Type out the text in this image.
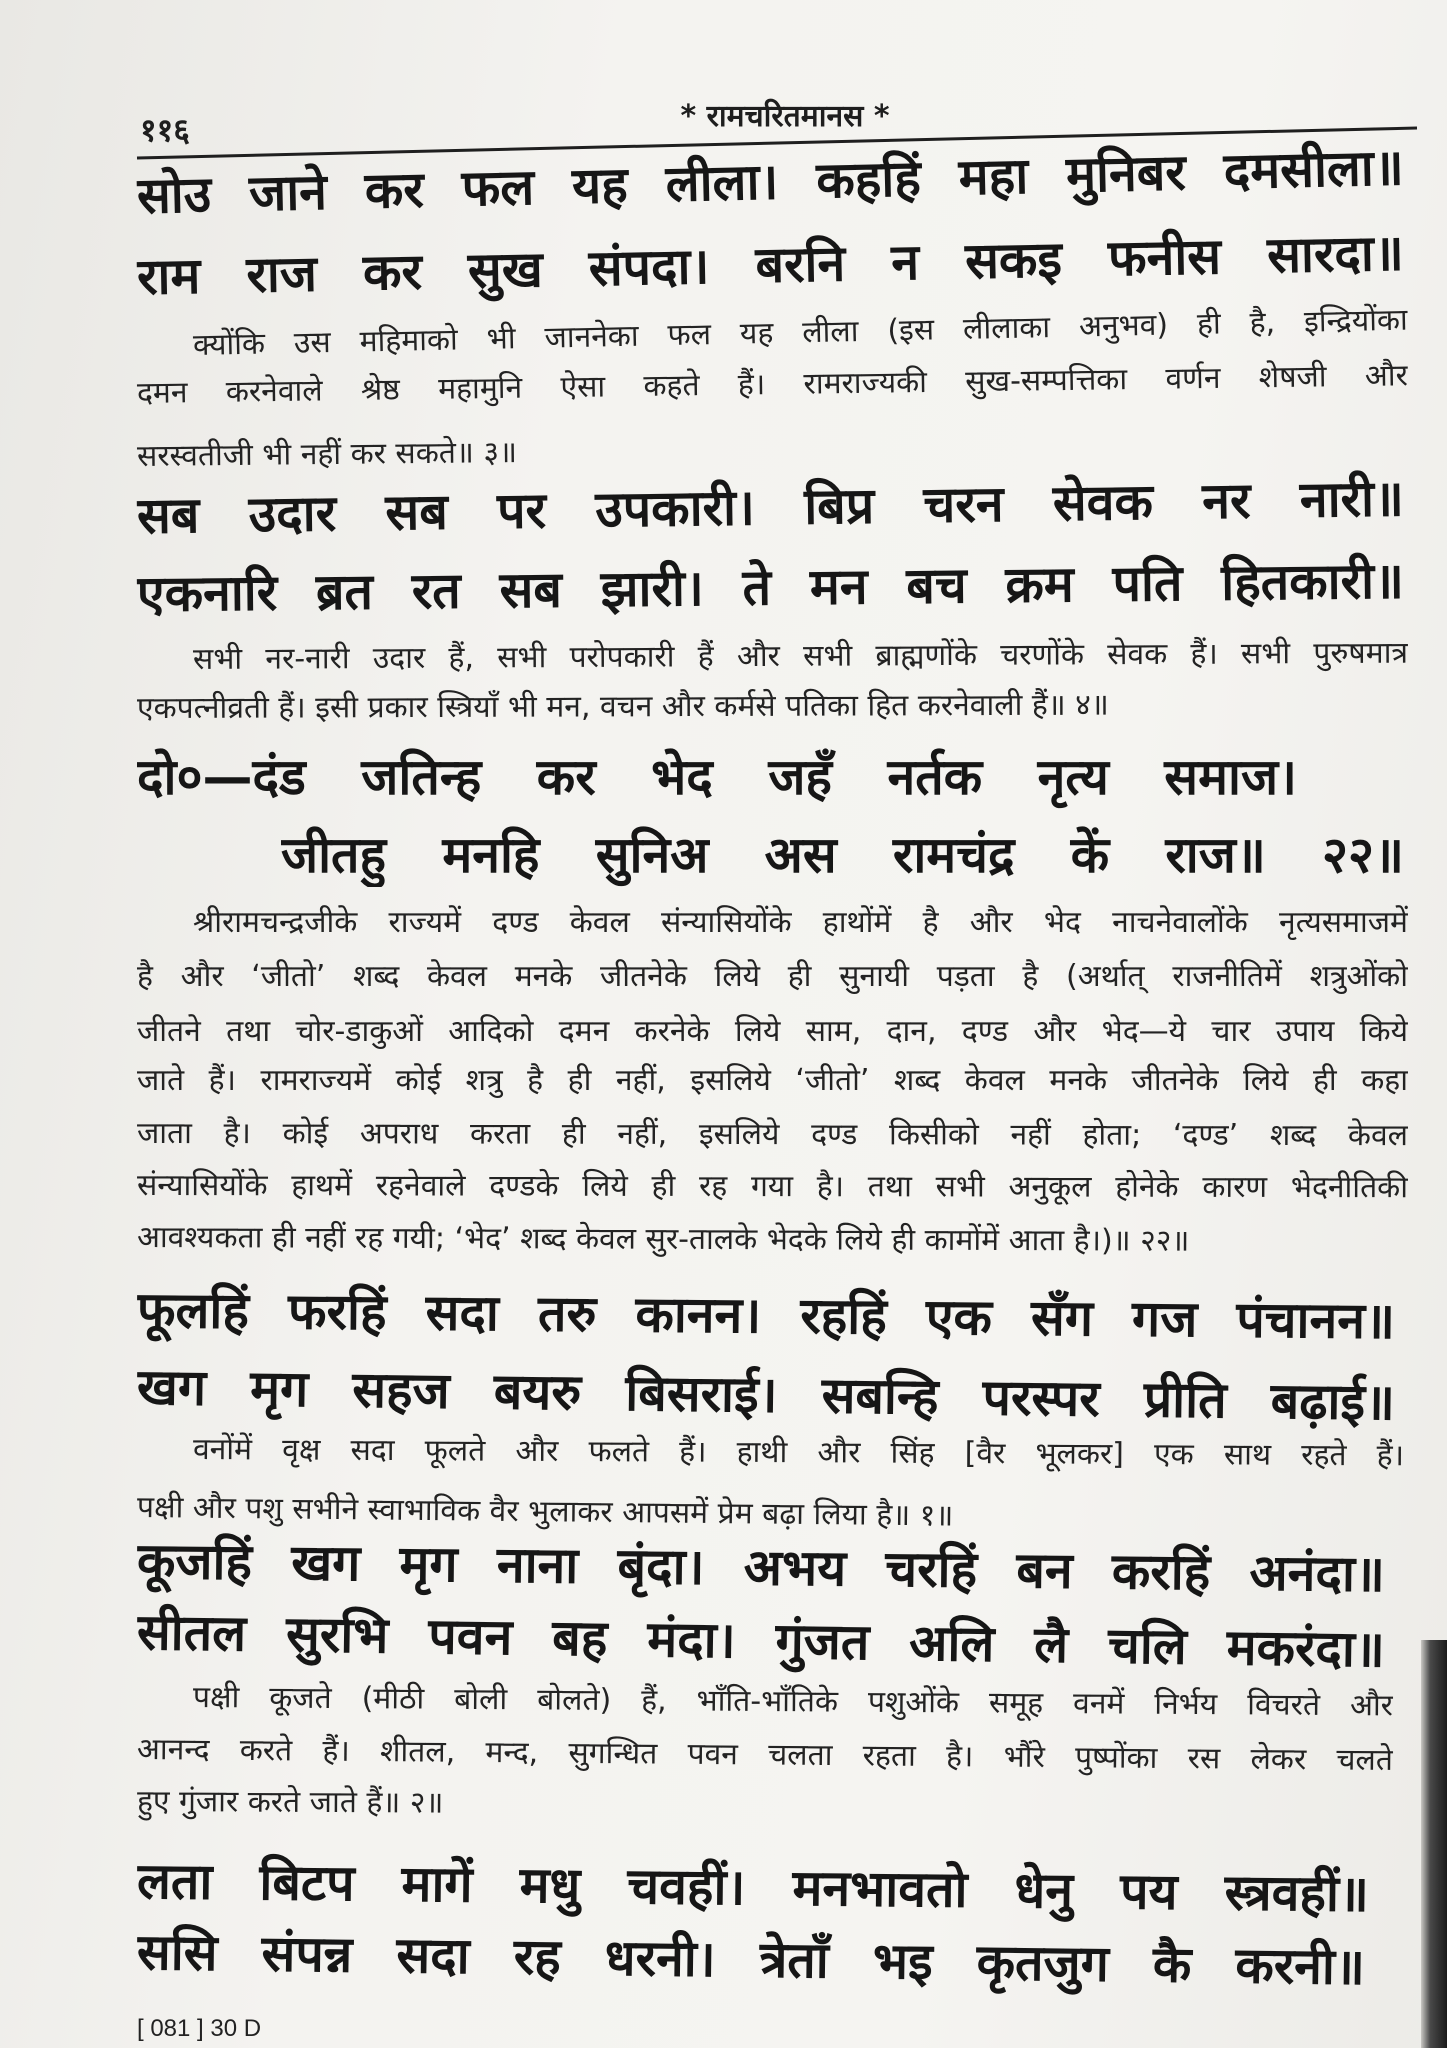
११६	* रामचरितमानस *
सोउ जाने कर फल यह लीला। कहहिं महा मुनिबर दमसीला॥
राम राज कर सुख संपदा। बरनि न सकइ फनीस सारदा॥
क्योंकि उस महिमाको भी जाननेका फल यह लीला (इस लीलाका अनुभव) ही है, इन्द्रियोंका
दमन करनेवाले श्रेष्ठ महामुनि ऐसा कहते हैं। रामराज्यकी सुख-सम्पत्तिका वर्णन शेषजी और
सरस्वतीजी भी नहीं कर सकते॥ ३॥
सब उदार सब पर उपकारी। बिप्र चरन सेवक नर नारी॥
एकनारि ब्रत रत सब झारी। ते मन बच क्रम पति हितकारी॥
सभी नर-नारी उदार हैं, सभी परोपकारी हैं और सभी ब्राह्मणोंके चरणोंके सेवक हैं। सभी पुरुषमात्र
एकपत्नीव्रती हैं। इसी प्रकार स्त्रियाँ भी मन, वचन और कर्मसे पतिका हित करनेवाली हैं॥ ४॥
दो०—दंड जतिन्ह कर भेद जहँ नर्तक नृत्य समाज।
जीतहु मनहि सुनिअ अस रामचंद्र कें राज॥ २२॥
श्रीरामचन्द्रजीके राज्यमें दण्ड केवल संन्यासियोंके हाथोंमें है और भेद नाचनेवालोंके नृत्यसमाजमें
है और ‘जीतो’ शब्द केवल मनके जीतनेके लिये ही सुनायी पड़ता है (अर्थात् राजनीतिमें शत्रुओंको
जीतने तथा चोर-डाकुओं आदिको दमन करनेके लिये साम, दान, दण्ड और भेद—ये चार उपाय किये
जाते हैं। रामराज्यमें कोई शत्रु है ही नहीं, इसलिये ‘जीतो’ शब्द केवल मनके जीतनेके लिये ही कहा
जाता है। कोई अपराध करता ही नहीं, इसलिये दण्ड किसीको नहीं होता; ‘दण्ड’ शब्द केवल
संन्यासियोंके हाथमें रहनेवाले दण्डके लिये ही रह गया है। तथा सभी अनुकूल होनेके कारण भेदनीतिकी
आवश्यकता ही नहीं रह गयी; ‘भेद’ शब्द केवल सुर-तालके भेदके लिये ही कामोंमें आता है।)॥ २२॥
फूलहिं फरहिं सदा तरु कानन। रहहिं एक सँग गज पंचानन॥
खग मृग सहज बयरु बिसराई। सबन्हि परस्पर प्रीति बढ़ाई॥
वनोंमें वृक्ष सदा फूलते और फलते हैं। हाथी और सिंह [वैर भूलकर] एक साथ रहते हैं।
पक्षी और पशु सभीने स्वाभाविक वैर भुलाकर आपसमें प्रेम बढ़ा लिया है॥ १॥
कूजहिं खग मृग नाना बृंदा। अभय चरहिं बन करहिं अनंदा॥
सीतल सुरभि पवन बह मंदा। गुंजत अलि लै चलि मकरंदा॥
पक्षी कूजते (मीठी बोली बोलते) हैं, भाँति-भाँतिके पशुओंके समूह वनमें निर्भय विचरते और
आनन्द करते हैं। शीतल, मन्द, सुगन्धित पवन चलता रहता है। भौंरे पुष्पोंका रस लेकर चलते
हुए गुंजार करते जाते हैं॥ २॥
लता बिटप मागें मधु चवहीं। मनभावतो धेनु पय स्त्रवहीं॥
ससि संपन्न सदा रह धरनी। त्रेताँ भइ कृतजुग कै करनी॥
[ 081 ] 30 D
